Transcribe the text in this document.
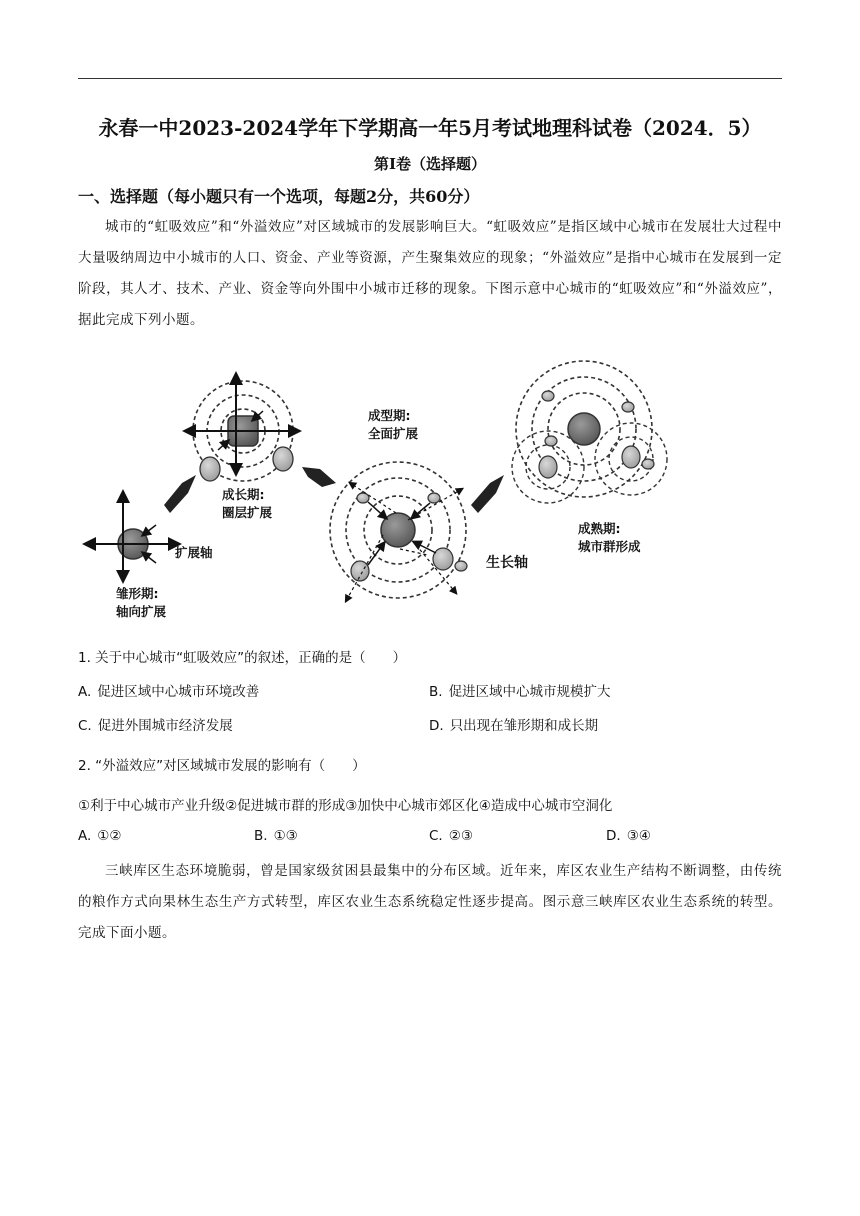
永春一中2023-2024学年下学期高一年5月考试地理科试卷（2024．5）
第Ⅰ卷（选择题）
一、选择题（每小题只有一个选项，每题2分，共60分）
城市的“虹吸效应”和“外溢效应”对区域城市的发展影响巨大。“虹吸效应”是指区域中心城市在发展壮大过程中大量吸纳周边中小城市的人口、资金、产业等资源，产生聚集效应的现象；“外溢效应”是指中心城市在发展到一定阶段，其人才、技术、产业、资金等向外围中小城市迁移的现象。下图示意中心城市的“虹吸效应”和“外溢效应”，据此完成下列小题。
扩展轴
雏形期:
轴向扩展
成长期:
圈层扩展
成型期:
全面扩展
生长轴
成熟期:
城市群形成
1. 关于中心城市“虹吸效应”的叙述，正确的是（　　）
A. 促进区域中心城市环境改善	B. 促进区域中心城市规模扩大
C. 促进外围城市经济发展	D. 只出现在雏形期和成长期
2. “外溢效应”对区域城市发展的影响有（　　）
①利于中心城市产业升级②促进城市群的形成③加快中心城市郊区化④造成中心城市空洞化
A. ①②	B. ①③	C. ②③	D. ③④
三峡库区生态环境脆弱，曾是国家级贫困县最集中的分布区域。近年来，库区农业生产结构不断调整，由传统的粮作方式向果林生态生产方式转型，库区农业生态系统稳定性逐步提高。图示意三峡库区农业生态系统的转型。完成下面小题。
